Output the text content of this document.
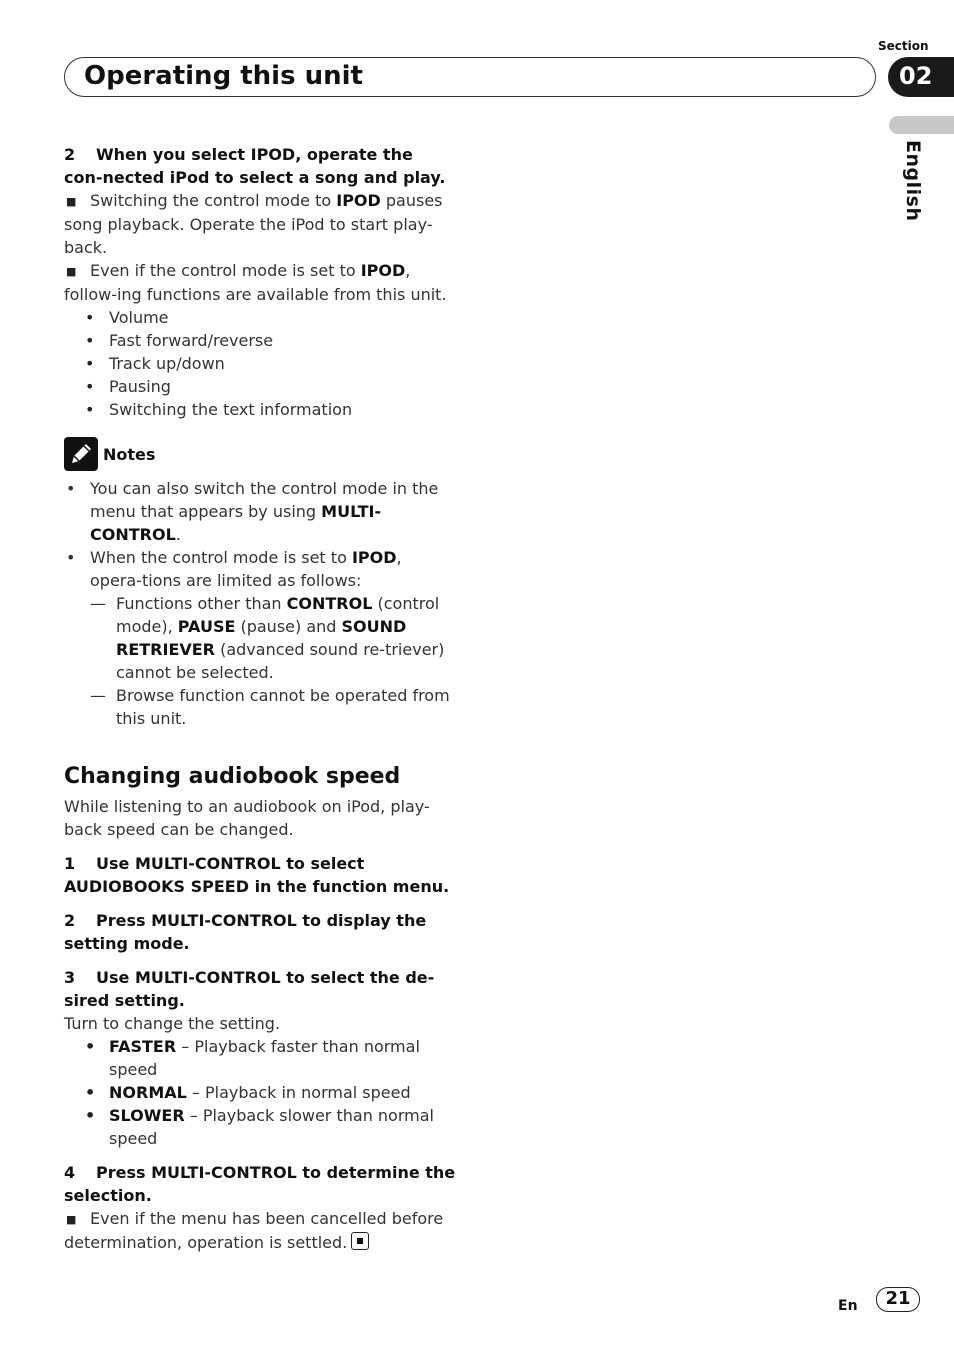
Section
Operating this unit	02
English
2 When you select IPOD, operate the con-nected iPod to select a song and play.
■ Switching the control mode to IPOD pauses song playback. Operate the iPod to start play-back.
■ Even if the control mode is set to IPOD, follow-ing functions are available from this unit.
• Volume
• Fast forward/reverse
• Track up/down
• Pausing
• Switching the text information
Notes
• You can also switch the control mode in the menu that appears by using MULTI-CONTROL.
• When the control mode is set to IPOD, opera-tions are limited as follows:
— Functions other than CONTROL (control mode), PAUSE (pause) and SOUND RETRIEVER (advanced sound re-triever) cannot be selected.
— Browse function cannot be operated from this unit.
Changing audiobook speed
While listening to an audiobook on iPod, play-back speed can be changed.
1 Use MULTI-CONTROL to select AUDIOBOOKS SPEED in the function menu.
2 Press MULTI-CONTROL to display the setting mode.
3 Use MULTI-CONTROL to select the de-sired setting.
Turn to change the setting.
• FASTER – Playback faster than normal speed
• NORMAL – Playback in normal speed
• SLOWER – Playback slower than normal speed
4 Press MULTI-CONTROL to determine the selection.
■ Even if the menu has been cancelled before determination, operation is settled.
En	21
